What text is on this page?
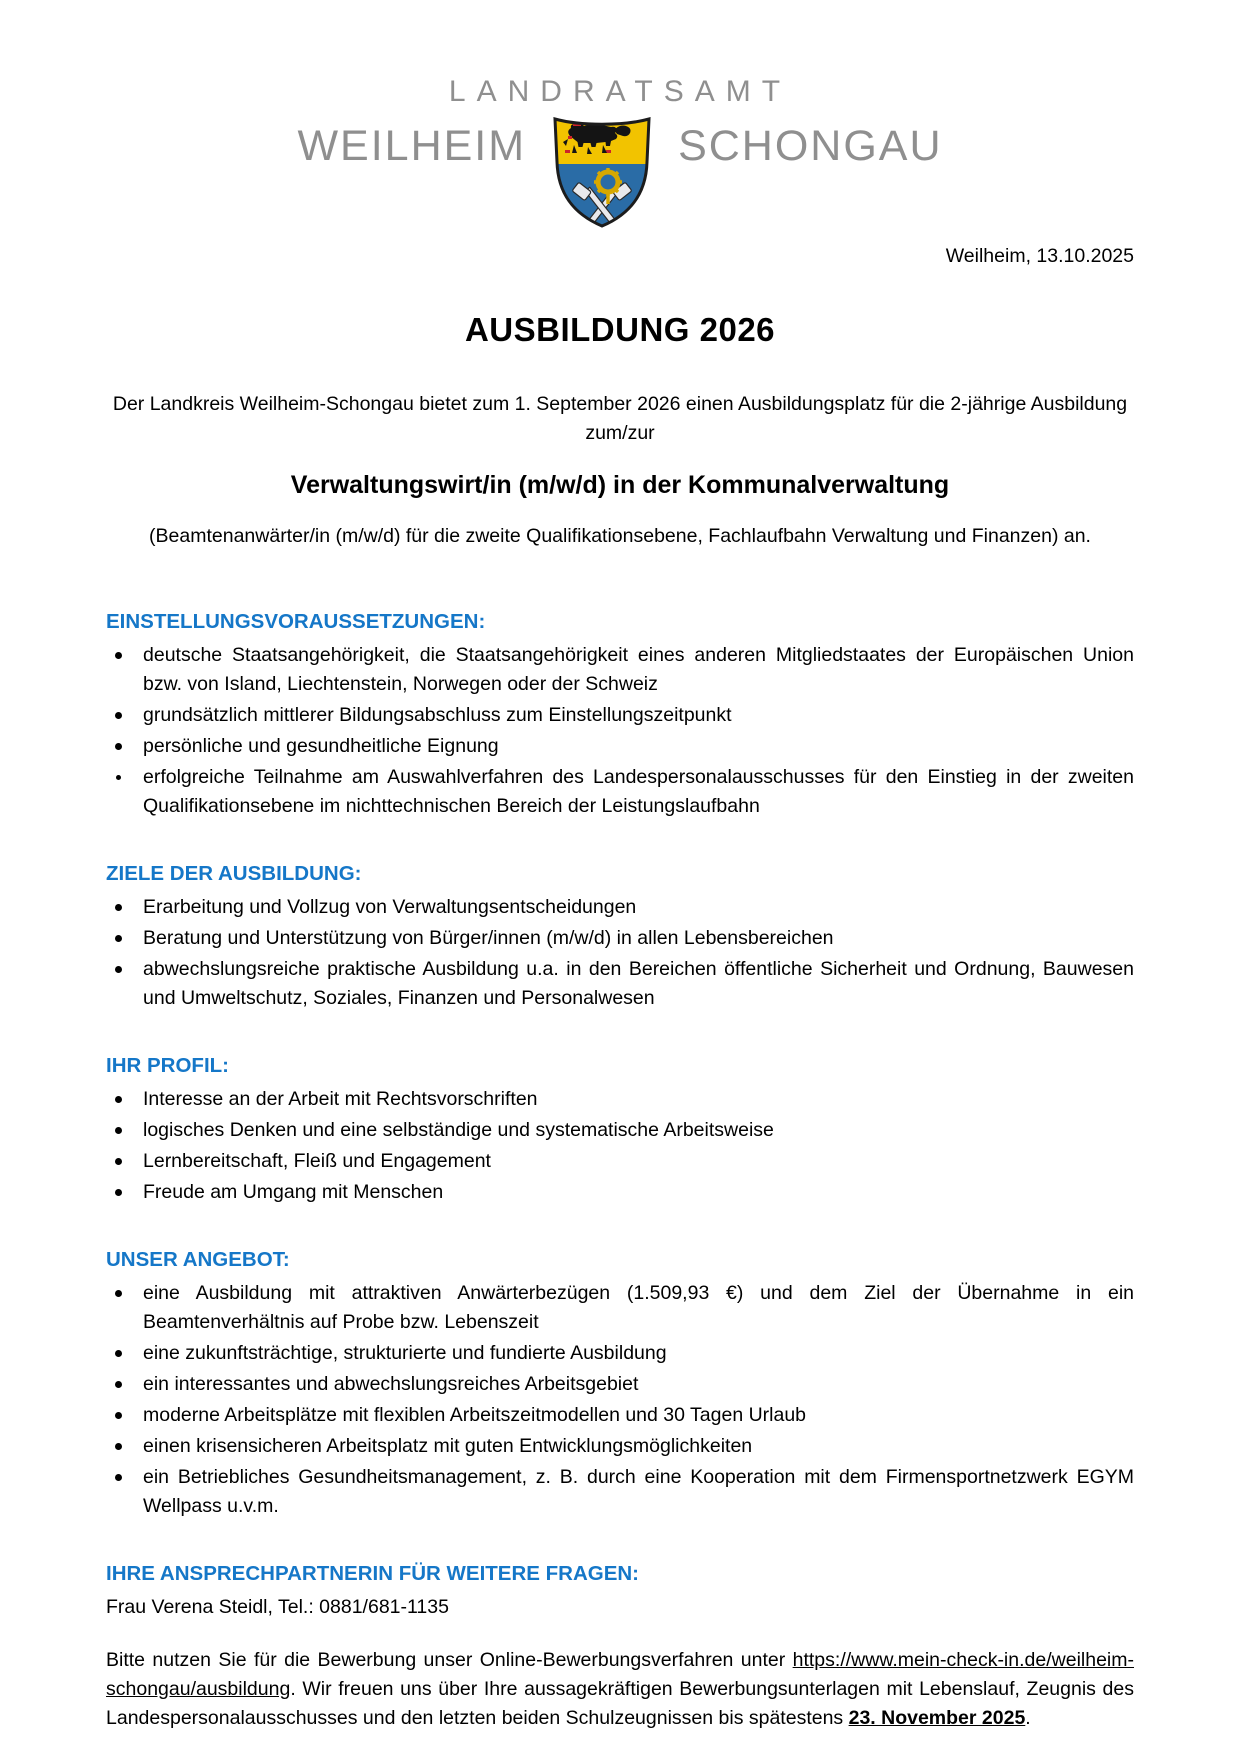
LANDRATSAMT
WEILHEIM	SCHONGAU
Weilheim, 13.10.2025
AUSBILDUNG 2026

Der Landkreis Weilheim-Schongau bietet zum 1. September 2026 einen Ausbildungsplatz für die 2-jährige Ausbildung zum/zur

Verwaltungswirt/in (m/w/d) in der Kommunalverwaltung

(Beamtenanwärter/in (m/w/d) für die zweite Qualifikationsebene, Fachlaufbahn Verwaltung und Finanzen) an.

EINSTELLUNGSVORAUSSETZUNGEN:
deutsche Staatsangehörigkeit, die Staatsangehörigkeit eines anderen Mitgliedstaates der Europäischen Union bzw. von Island, Liechtenstein, Norwegen oder der Schweiz
grundsätzlich mittlerer Bildungsabschluss zum Einstellungszeitpunkt
persönliche und gesundheitliche Eignung
erfolgreiche Teilnahme am Auswahlverfahren des Landespersonalausschusses für den Einstieg in der zweiten Qualifikationsebene im nichttechnischen Bereich der Leistungslaufbahn
ZIELE DER AUSBILDUNG:
Erarbeitung und Vollzug von Verwaltungsentscheidungen
Beratung und Unterstützung von Bürger/innen (m/w/d) in allen Lebensbereichen
abwechslungsreiche praktische Ausbildung u.a. in den Bereichen öffentliche Sicherheit und Ordnung, Bauwesen und Umweltschutz, Soziales, Finanzen und Personalwesen
IHR PROFIL:
Interesse an der Arbeit mit Rechtsvorschriften
logisches Denken und eine selbständige und systematische Arbeitsweise
Lernbereitschaft, Fleiß und Engagement
Freude am Umgang mit Menschen
UNSER ANGEBOT:
eine Ausbildung mit attraktiven Anwärterbezügen (1.509,93 €) und dem Ziel der Übernahme in ein Beamtenverhältnis auf Probe bzw. Lebenszeit
eine zukunftsträchtige, strukturierte und fundierte Ausbildung
ein interessantes und abwechslungsreiches Arbeitsgebiet
moderne Arbeitsplätze mit flexiblen Arbeitszeitmodellen und 30 Tagen Urlaub
einen krisensicheren Arbeitsplatz mit guten Entwicklungsmöglichkeiten
ein Betriebliches Gesundheitsmanagement, z. B. durch eine Kooperation mit dem Firmensportnetzwerk EGYM Wellpass u.v.m.
IHRE ANSPRECHPARTNERIN FÜR WEITERE FRAGEN:

Frau Verena Steidl, Tel.: 0881/681-1135

Bitte nutzen Sie für die Bewerbung unser Online-Bewerbungsverfahren unter https://www.mein-check-in.de/weilheim-schongau/ausbildung. Wir freuen uns über Ihre aussagekräftigen Bewerbungsunterlagen mit Lebenslauf, Zeugnis des Landespersonalausschusses und den letzten beiden Schulzeugnissen bis spätestens 23. November 2025.
